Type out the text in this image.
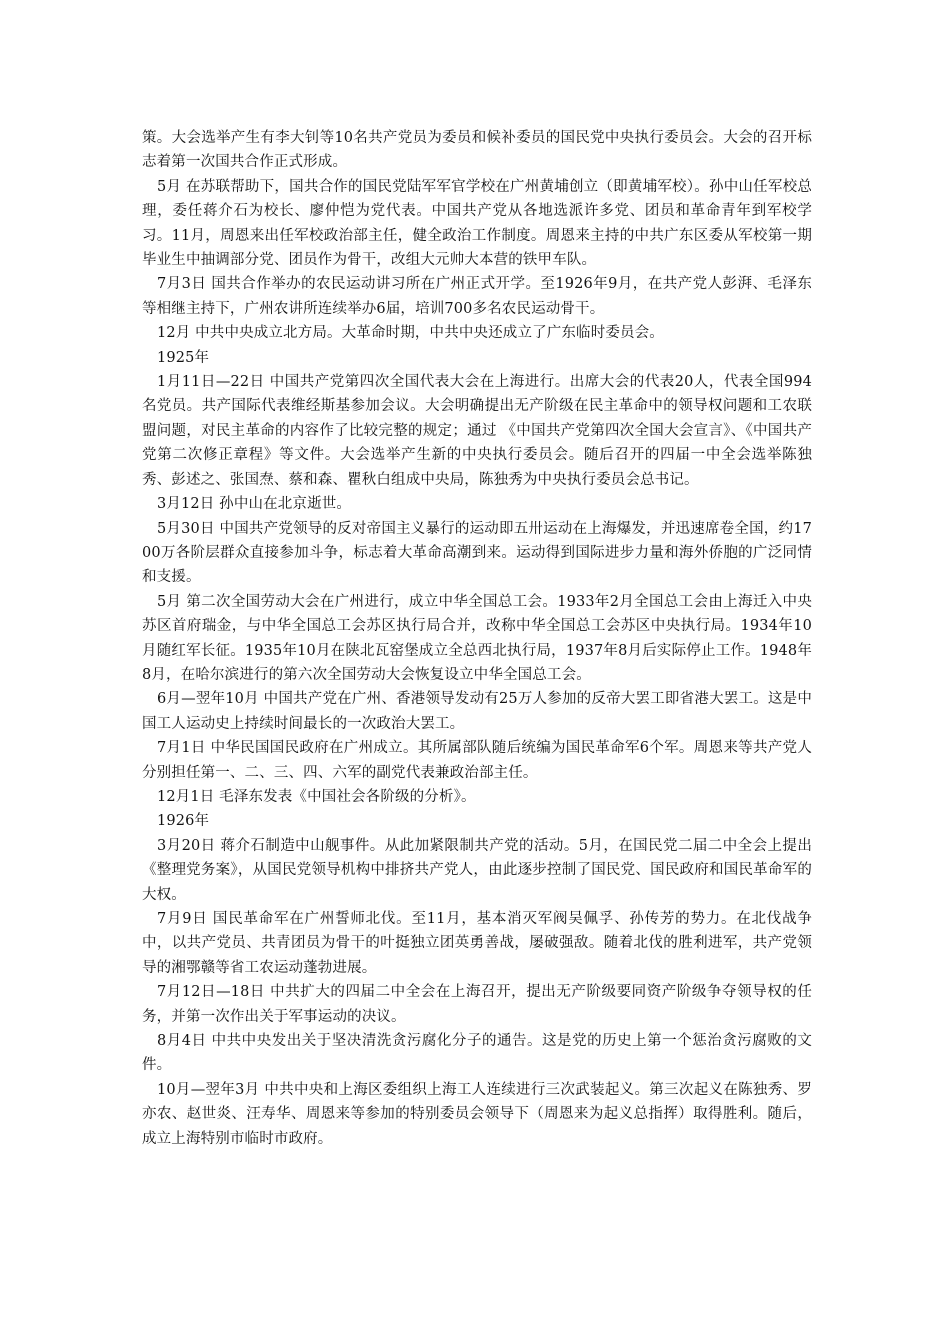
策。大会选举产生有李大钊等10名共产党员为委员和候补委员的国民党中央执行委员会。大会的召开标志着第一次国共合作正式形成。

5月 在苏联帮助下，国共合作的国民党陆军军官学校在广州黄埔创立（即黄埔军校）。孙中山任军校总理，委任蒋介石为校长、廖仲恺为党代表。中国共产党从各地选派许多党、团员和革命青年到军校学习。11月，周恩来出任军校政治部主任，健全政治工作制度。周恩来主持的中共广东区委从军校第一期毕业生中抽调部分党、团员作为骨干，改组大元帅大本营的铁甲车队。

7月3日 国共合作举办的农民运动讲习所在广州正式开学。至1926年9月，在共产党人彭湃、毛泽东等相继主持下，广州农讲所连续举办6届，培训700多名农民运动骨干。

12月 中共中央成立北方局。大革命时期，中共中央还成立了广东临时委员会。

1925年

1月11日—22日 中国共产党第四次全国代表大会在上海进行。出席大会的代表20人，代表全国994名党员。共产国际代表维经斯基参加会议。大会明确提出无产阶级在民主革命中的领导权问题和工农联盟问题，对民主革命的内容作了比较完整的规定；通过 《中国共产党第四次全国大会宣言》、《中国共产党第二次修正章程》等文件。大会选举产生新的中央执行委员会。随后召开的四届一中全会选举陈独秀、彭述之、张国焘、蔡和森、瞿秋白组成中央局，陈独秀为中央执行委员会总书记。

3月12日 孙中山在北京逝世。

5月30日 中国共产党领导的反对帝国主义暴行的运动即五卅运动在上海爆发，并迅速席卷全国，约1700万各阶层群众直接参加斗争，标志着大革命高潮到来。运动得到国际进步力量和海外侨胞的广泛同情和支援。

5月 第二次全国劳动大会在广州进行，成立中华全国总工会。1933年2月全国总工会由上海迁入中央苏区首府瑞金，与中华全国总工会苏区执行局合并，改称中华全国总工会苏区中央执行局。1934年10月随红军长征。1935年10月在陕北瓦窑堡成立全总西北执行局，1937年8月后实际停止工作。1948年8月，在哈尔滨进行的第六次全国劳动大会恢复设立中华全国总工会。

6月—翌年10月 中国共产党在广州、香港领导发动有25万人参加的反帝大罢工即省港大罢工。这是中国工人运动史上持续时间最长的一次政治大罢工。

7月1日 中华民国国民政府在广州成立。其所属部队随后统编为国民革命军6个军。周恩来等共产党人分别担任第一、二、三、四、六军的副党代表兼政治部主任。

12月1日 毛泽东发表《中国社会各阶级的分析》。

1926年

3月20日 蒋介石制造中山舰事件。从此加紧限制共产党的活动。5月，在国民党二届二中全会上提出《整理党务案》，从国民党领导机构中排挤共产党人，由此逐步控制了国民党、国民政府和国民革命军的大权。

7月9日 国民革命军在广州誓师北伐。至11月，基本消灭军阀吴佩孚、孙传芳的势力。在北伐战争中，以共产党员、共青团员为骨干的叶挺独立团英勇善战，屡破强敌。随着北伐的胜利进军，共产党领导的湘鄂赣等省工农运动蓬勃进展。

7月12日—18日 中共扩大的四届二中全会在上海召开，提出无产阶级要同资产阶级争夺领导权的任务，并第一次作出关于军事运动的决议。

8月4日 中共中央发出关于坚决清洗贪污腐化分子的通告。这是党的历史上第一个惩治贪污腐败的文件。

10月—翌年3月 中共中央和上海区委组织上海工人连续进行三次武装起义。第三次起义在陈独秀、罗亦农、赵世炎、汪寿华、周恩来等参加的特别委员会领导下（周恩来为起义总指挥）取得胜利。随后，成立上海特别市临时市政府。
